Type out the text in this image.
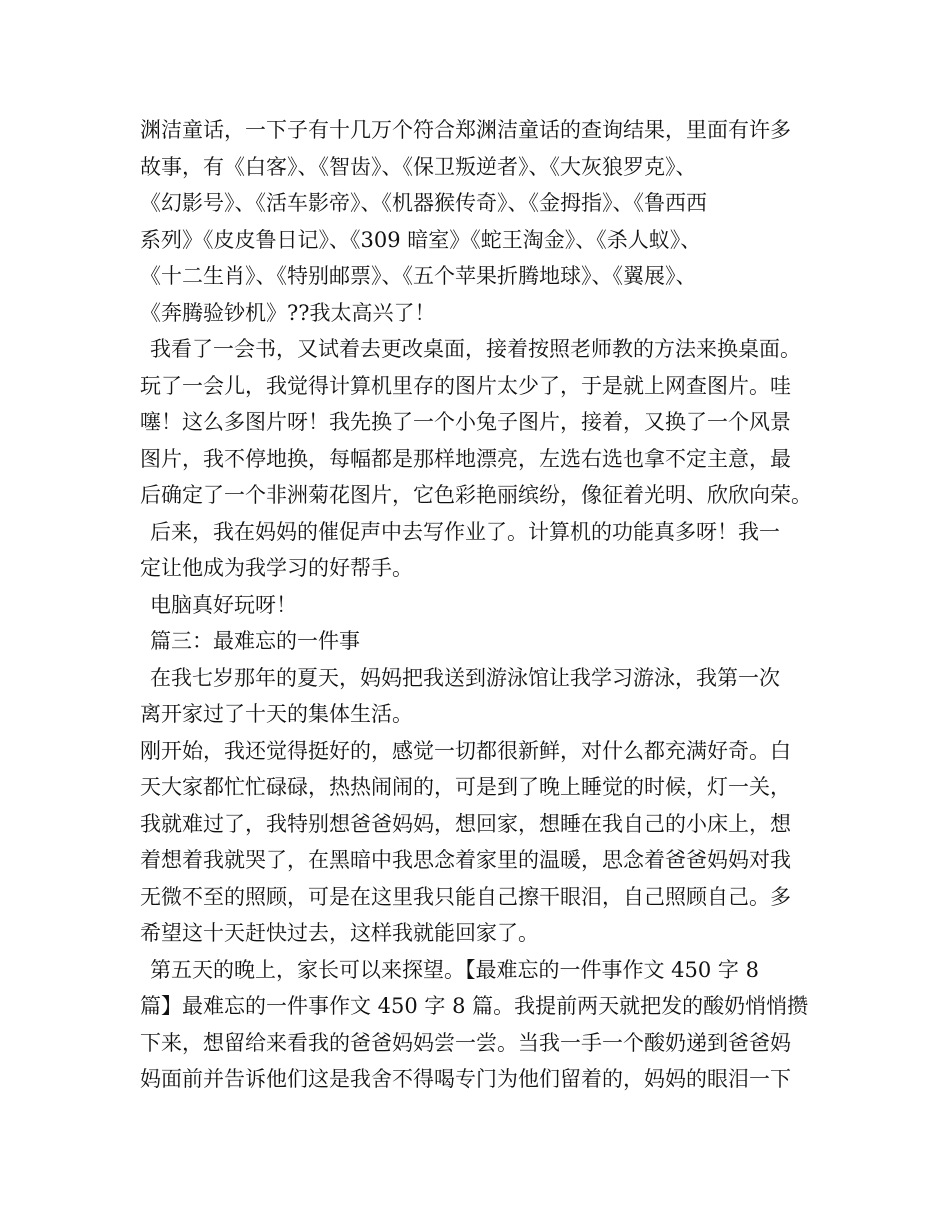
渊洁童话，一下子有十几万个符合郑渊洁童话的查询结果，里面有许多
故事，有《白客》、《智齿》、《保卫叛逆者》、《大灰狼罗克》、
《幻影号》、《活车影帝》、《机器猴传奇》、《金拇指》、《鲁西西
系列》《皮皮鲁日记》、《309 暗室》《蛇王淘金》、《杀人蚁》、
《十二生肖》、《特别邮票》、《五个苹果折腾地球》、《翼展》、
《奔腾验钞机》??我太高兴了！
我看了一会书，又试着去更改桌面，接着按照老师教的方法来换桌面。
玩了一会儿，我觉得计算机里存的图片太少了，于是就上网查图片。哇
噻！这么多图片呀！我先换了一个小兔子图片，接着，又换了一个风景
图片，我不停地换，每幅都是那样地漂亮，左选右选也拿不定主意，最
后确定了一个非洲菊花图片，它色彩艳丽缤纷，像征着光明、欣欣向荣。
后来，我在妈妈的催促声中去写作业了。计算机的功能真多呀！我一
定让他成为我学习的好帮手。
电脑真好玩呀！
篇三：最难忘的一件事
在我七岁那年的夏天，妈妈把我送到游泳馆让我学习游泳，我第一次
离开家过了十天的集体生活。
刚开始，我还觉得挺好的，感觉一切都很新鲜，对什么都充满好奇。白
天大家都忙忙碌碌，热热闹闹的，可是到了晚上睡觉的时候，灯一关，
我就难过了，我特别想爸爸妈妈，想回家，想睡在我自己的小床上，想
着想着我就哭了，在黑暗中我思念着家里的温暖，思念着爸爸妈妈对我
无微不至的照顾，可是在这里我只能自己擦干眼泪，自己照顾自己。多
希望这十天赶快过去，这样我就能回家了。
第五天的晚上，家长可以来探望。【最难忘的一件事作文 450 字 8
篇】最难忘的一件事作文 450 字 8 篇。我提前两天就把发的酸奶悄悄攒
下来，想留给来看我的爸爸妈妈尝一尝。当我一手一个酸奶递到爸爸妈
妈面前并告诉他们这是我舍不得喝专门为他们留着的，妈妈的眼泪一下
